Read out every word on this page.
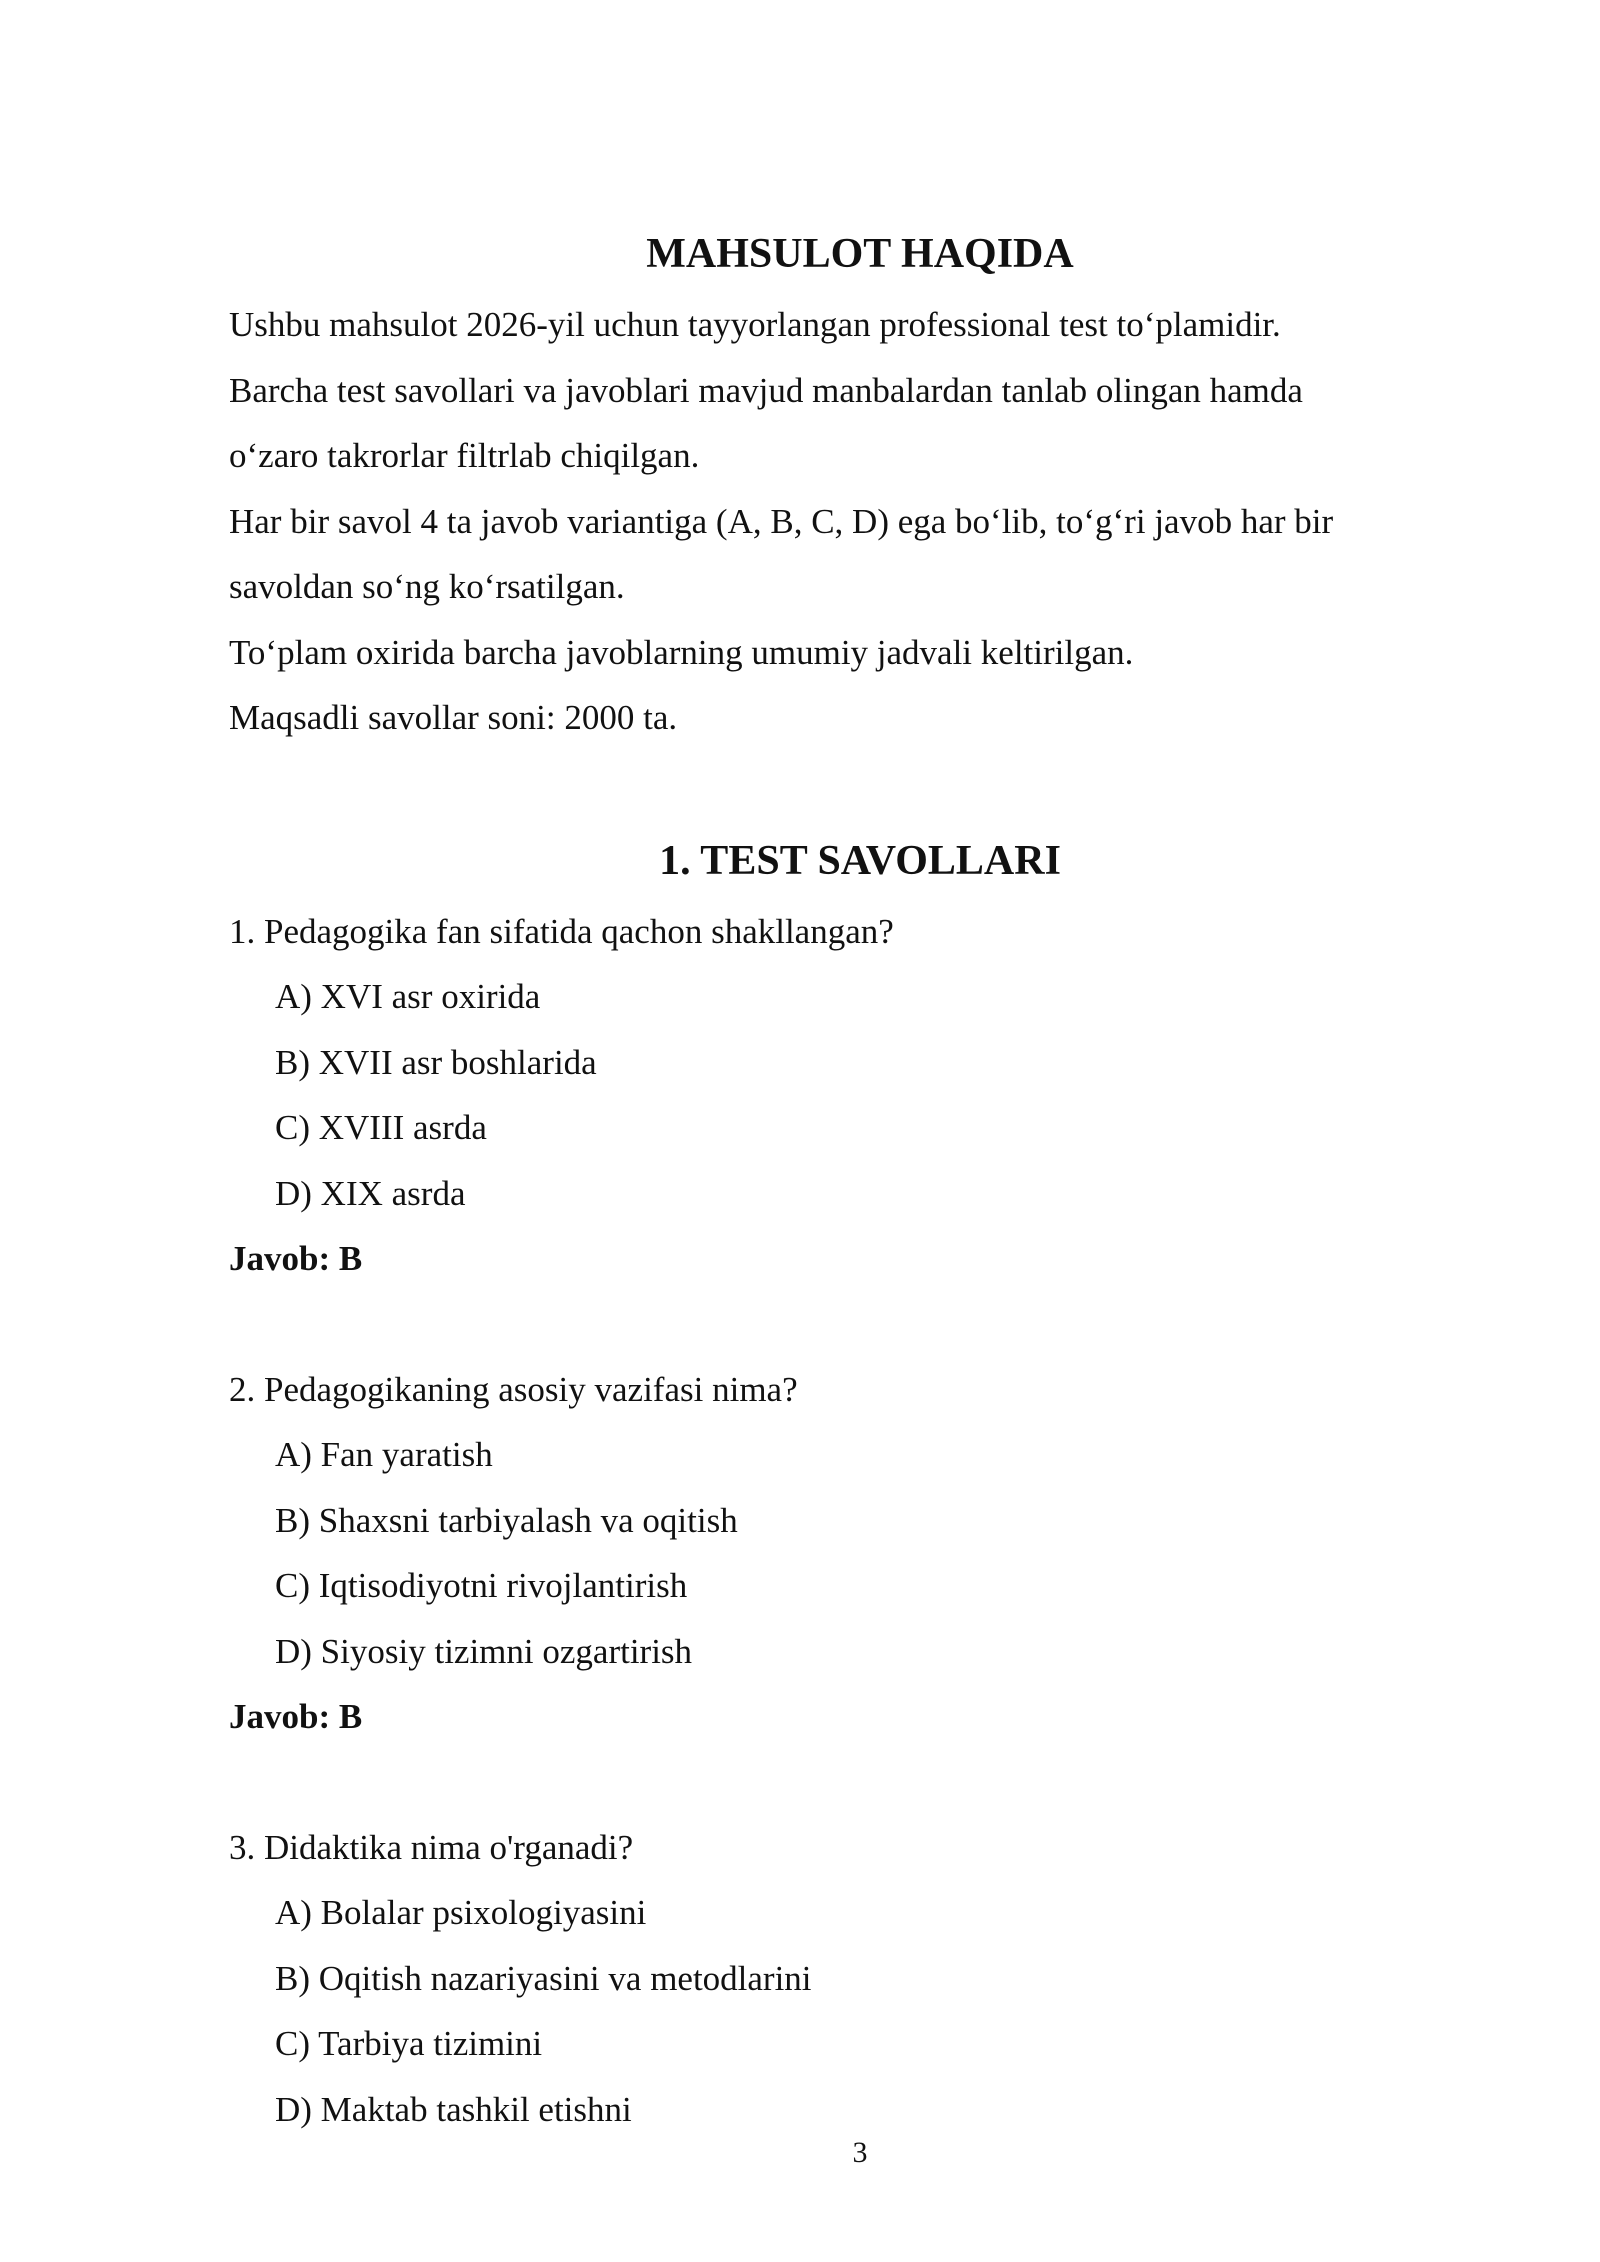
MAHSULOT HAQIDA

Ushbu mahsulot 2026-yil uchun tayyorlangan professional test to‘plamidir.

Barcha test savollari va javoblari mavjud manbalardan tanlab olingan hamda

o‘zaro takrorlar filtrlab chiqilgan.

Har bir savol 4 ta javob variantiga (A, B, C, D) ega bo‘lib, to‘g‘ri javob har bir

savoldan so‘ng ko‘rsatilgan.

To‘plam oxirida barcha javoblarning umumiy jadvali keltirilgan.

Maqsadli savollar soni: 2000 ta.

1. TEST SAVOLLARI

1. Pedagogika fan sifatida qachon shakllangan?

A) XVI asr oxirida

B) XVII asr boshlarida

C) XVIII asrda

D) XIX asrda

Javob: B

2. Pedagogikaning asosiy vazifasi nima?

A) Fan yaratish

B) Shaxsni tarbiyalash va oqitish

C) Iqtisodiyotni rivojlantirish

D) Siyosiy tizimni ozgartirish

Javob: B

3. Didaktika nima o'rganadi?

A) Bolalar psixologiyasini

B) Oqitish nazariyasini va metodlarini

C) Tarbiya tizimini

D) Maktab tashkil etishni

3
